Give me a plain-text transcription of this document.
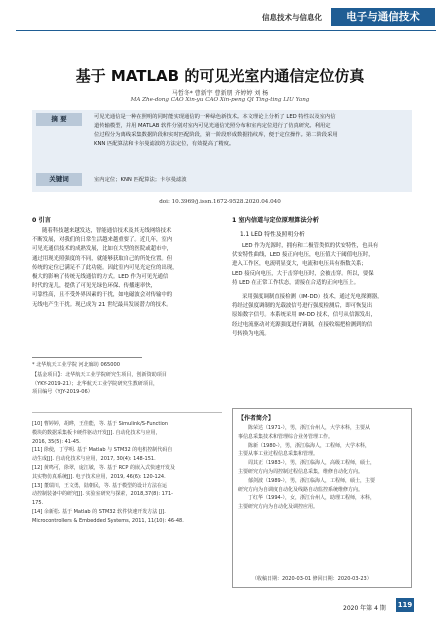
信息技术与信息化	电子与通信技术
基于 MATLAB 的可见光室内通信定位仿真
马皙冬* 曹新宇 曹新朋 齐婷婷 刘 杨
MA Zhe-dong CAO Xin-yu CAO Xin-peng QI Ting-ting LIU Yang
摘 要	可见光通信是一种在照明的同时能实现通信的一种绿色新技术。本文理论上分析了 LED 特性以及室内信
道传输模型，并用 MATLAB 软件分别对室内可见光通信光照分布和室内定位进行了仿真研究。利用定
位过程分为离线采集数据阶段和实时匹配阶段，第一阶段形成数据指纹库，便于定位操作。第二阶段采用
KNN 匹配算法和卡尔曼滤波的方法定位，有效提高了精度。
关键词	室内定位；KNN 匹配算法；卡尔曼滤波
doi: 10.3969/j.issn.1672-9528.2020.04.040
0 引言
随着科技越来越发达，智能通信技术及其无线网络技术
不断发展，对我们的日常生活越来越重要了。近几年，室内
可见光通信技术的成熟发展，比如在大型的医院或超市中，
通过用现光照强度的不同，就能够获取自己的所处位置。但
传统的定位已满足不了此功能。因此室内可见光定位的出现，
极大的影响了传统无线通信的方式。LED 作为可见光通信
时代的宠儿，提供了可见光绿色环保、传播速率快，
可靠性高，且不受外界因素的干扰，如电磁波会对传输中的
无线电产生干扰。现已成为 21 世纪最具发展潜力的技术。
* 北华航天工业学院 河北廊坊 065000
【基金项目】：北华航天工业学院研究生项目，创新资助项目
（YKY-2019-21）；北华航天工业学院研究生教研项目，
项目编号（YJY-2019-06）
1 室内信道与定位原理算法分析
1.1 LED 特性及照明分析
LED 作为光源时，拥有和二极管类似的伏安特性，也具有
伏安特性曲线，LED 接正向电压，电压值大于阈值电压时，
进入工作区，电流明显变大，电流和电压具有指数关系；
LED 接反向电压，大于击穿电压时，会被击穿。所以，要保
持 LED 在正常工作状态，需接在合适的正向电压上。
采用强度调制直接检测（IM-DD）技术，通过光电探测器，
将经过强度调制的光载波信号进行强度检测后，即可恢复出
原始数字信号。本系统采用 IM-DD 技术，信号从信源发出，
经过电流驱动对光源强度进行调制，在接收端把检测到的信
号转换为电流。
[10] 曹婷婷，胡晔，王佳能，等. 基于 Simulink/S-Function
模块的数据采集板卡硬件驱动开发[J]. 自动化技术与应用，
2016, 35(5): 41-45.
[11] 徐使，丁学明. 基于 Matlab 与 STM32 的电机控制代码自
动生成[J]. 自动化技术与应用，2017, 30(4): 148-151.
[12] 黄鸣可，徐翠，庞江敏，等. 基于 RCP 的嵌入式快速开发及
其实物仿真系统[J]. 电子技术应用，2019, 46(6): 120-124.
[13] 董瑞川，王文勇，陆朝民，等. 基于模型的设计方法在运
动控制装备中的研究[J]. 实验室研究与探索，2018,37(8): 171-
175.
[14] 余新松. 基于 Matlab 的 STM32 软件快速开发方法 [J].
Microcontrollers & Embedded Systems, 2011, 11(10): 46-48.
【作者简介】
陈荣达（1971-），男，浙江台州人，大学本科，主要从
事信息采集技术和管理综合业务管理工作。
陈新（1980-），男，浙江临海人，工程师，大学本科，
主要从事工业过程信息采集和管理。
周其正（1983-），男，浙江临海人，高级工程师，硕士，
主要研究方向为周控制过程信息采集，维修自动化方向。
郁剑波（1989-），男，浙江临海人，工程师，硕士，主要
研究方向为自调度自动化及线路自动监控系统维修方向。
丁红华（1994-），女，浙江台州人，助理工程师，本科，
主要研究方向为自动化及调控应用。
（收稿日期：2020-03-01 修回日期：2020-03-23）
2020 年第 4 期 119
